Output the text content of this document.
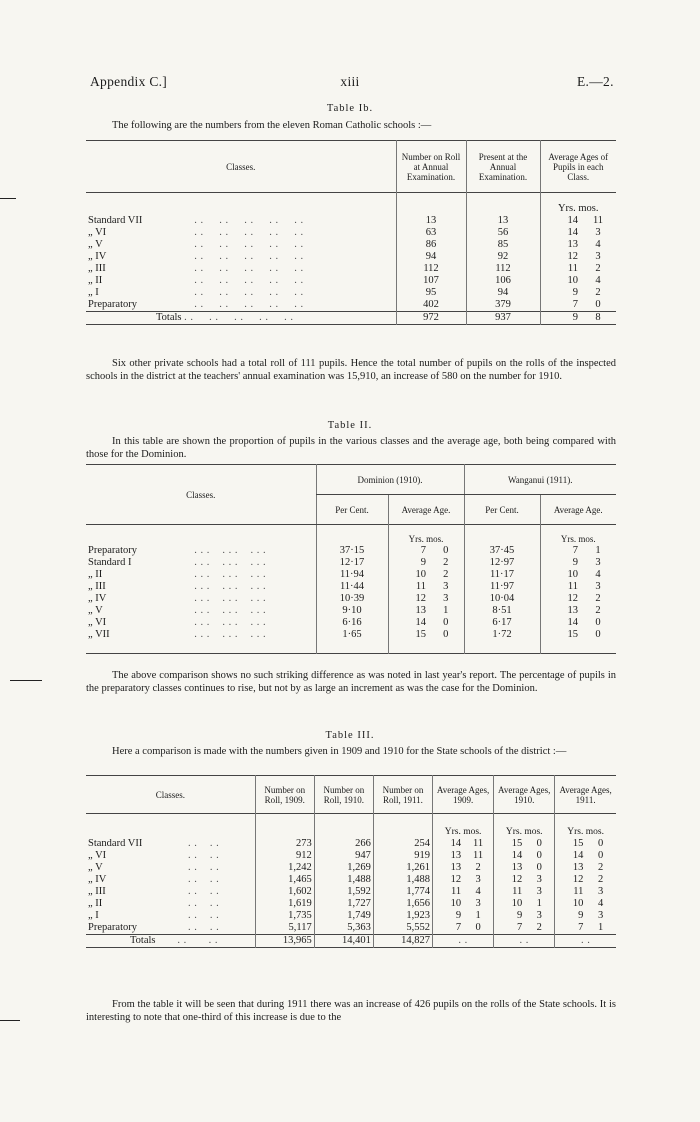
Appendix C.]	xiii	E.—2.
Table Ib.
The following are the numbers from the eleven Roman Catholic schools :—
Classes.	Number on Roll at Annual Examination.	Present at the Annual Examination.	Average Ages of Pupils in each Class.	
			Yrs. mos.	
Standard VII . .     . .     . .     . .     . .	13	13	14	11
„ VI . .     . .     . .     . .     . .	63	56	14	3
„ V . .     . .     . .     . .     . .	86	85	13	4
„ IV . .     . .     . .     . .     . .	94	92	12	3
„ III . .     . .     . .     . .     . .	112	112	11	2
„ II . .     . .     . .     . .     . .	107	106	10	4
„ I . .     . .     . .     . .     . .	95	94	9	2
Preparatory . .     . .     . .     . .     . .	402	379	7	0
Totals . .     . .     . .     . .     . .	972	937	9	8
Six other private schools had a total roll of 111 pupils. Hence the total number of pupils on the rolls of the inspected schools in the district at the teachers' annual examination was 15,910, an increase of 580 on the number for 1910.
Table II.
In this table are shown the proportion of pupils in the various classes and the average age, both being compared with those for the Dominion.
Classes.	Dominion (1910).			Wanganui (1911).		
	Per Cent.	Average Age.		Per Cent.	Average Age.	
		Yrs. mos.			Yrs. mos.	
Preparatory . . .    . . .    . . .	37·15	7	0	37·45	7	1
Standard I . . .    . . .    . . .	12·17	9	2	12·97	9	3
„ II . . .    . . .    . . .	11·94	10	2	11·17	10	4
„ III . . .    . . .    . . .	11·44	11	3	11·97	11	3
„ IV . . .    . . .    . . .	10·39	12	3	10·04	12	2
„ V . . .    . . .    . . .	9·10	13	1	8·51	13	2
„ VI . . .    . . .    . . .	6·16	14	0	6·17	14	0
„ VII . . .    . . .    . . .	1·65	15	0	1·72	15	0

The above comparison shows no such striking difference as was noted in last year's report. The percentage of pupils in the preparatory classes continues to rise, but not by as large an increment as was the case for the Dominion.
Table III.
Here a comparison is made with the numbers given in 1909 and 1910 for the State schools of the district :—
Classes.	Number on Roll, 1909.	Number on Roll, 1910.	Number on Roll, 1911.	Average Ages, 1909.		Average Ages, 1910.		Average Ages, 1911.	
				Yrs. mos.		Yrs. mos.		Yrs. mos.	
Standard VII . .    . .	273	266	254	14	11	15	0	15	0
„ VI . .    . .	912	947	919	13	11	14	0	14	0
„ V . .    . .	1,242	1,269	1,261	13	2	13	0	13	2
„ IV . .    . .	1,465	1,488	1,488	12	3	12	3	12	2
„ III . .    . .	1,602	1,592	1,774	11	4	11	3	11	3
„ II . .    . .	1,619	1,727	1,656	10	3	10	1	10	4
„ I . .    . .	1,735	1,749	1,923	9	1	9	3	9	3
Preparatory . .    . .	5,117	5,363	5,552	7	0	7	2	7	1
Totals       . .       . .	13,965	14,401	14,827	. .		. .		. .	
From the table it will be seen that during 1911 there was an increase of 426 pupils on the rolls of the State schools. It is interesting to note that one-third of this increase is due to the
